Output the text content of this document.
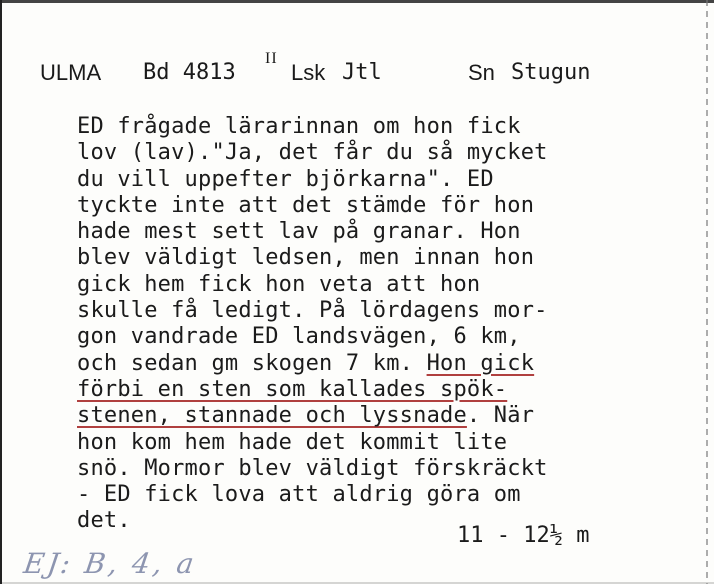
ULMA Bd 4813
II
Lsk Jtl	Sn Stugun
ED frågade lärarinnan om hon fick
lov (lav)."Ja, det får du så mycket
du vill uppefter björkarna". ED
tyckte inte att det stämde för hon
hade mest sett lav på granar. Hon
blev väldigt ledsen, men innan hon
gick hem fick hon veta att hon
skulle få ledigt. På lördagens mor-
gon vandrade ED landsvägen, 6 km,
och sedan gm skogen 7 km. Hon gick
förbi en sten som kallades spök-
stenen, stannade och lyssnade. När
hon kom hem hade det kommit lite
snö. Mormor blev väldigt förskräckt
- ED fick lova att aldrig göra om
det.
11 - 12½ m
EJ: B, 4, a
